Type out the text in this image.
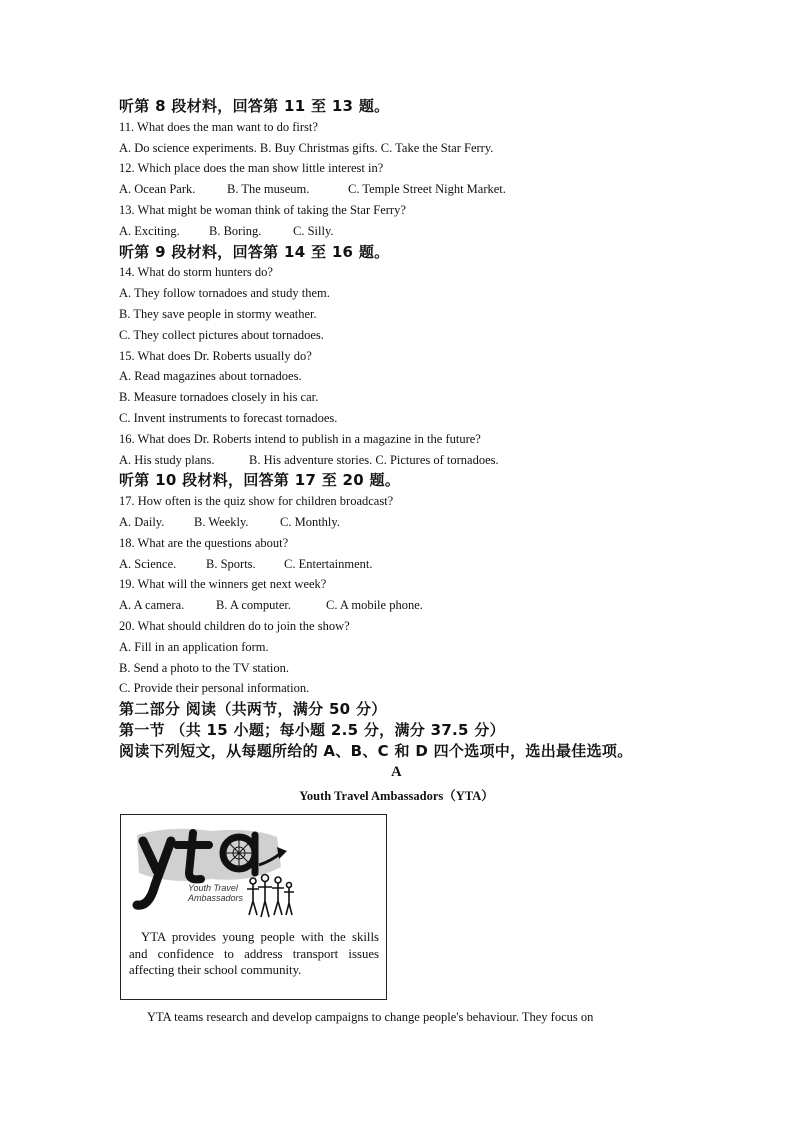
听第 8 段材料，回答第 11 至 13 题。
11. What does the man want to do first?
A. Do science experiments. B. Buy Christmas gifts. C. Take the Star Ferry.
12. Which place does the man show little interest in?
A. Ocean Park.	B. The museum.	C. Temple Street Night Market.
13. What might be woman think of taking the Star Ferry?
A. Exciting. B. Boring.	C. Silly.
听第 9 段材料，回答第 14 至 16 题。
14. What do storm hunters do?
A. They follow tornadoes and study them.
B. They save people in stormy weather.
C. They collect pictures about tornadoes.
15. What does Dr. Roberts usually do?
A. Read magazines about tornadoes.
B. Measure tornadoes closely in his car.
C. Invent instruments to forecast tornadoes.
16. What does Dr. Roberts intend to publish in a magazine in the future?
A. His study plans.	B. His adventure stories. C. Pictures of tornadoes.
听第 10 段材料，回答第 17 至 20 题。
17. How often is the quiz show for children broadcast?
A. Daily. B. Weekly.	C. Monthly.
18. What are the questions about?
A. Science. B. Sports. C. Entertainment.
19. What will the winners get next week?
A. A camera.	B. A computer.	C. A mobile phone.
20. What should children do to join the show?
A. Fill in an application form.
B. Send a photo to the TV station.
C. Provide their personal information.
第二部分 阅读（共两节，满分 50 分）
第一节 （共 15 小题；每小题 2.5 分，满分 37.5 分）
阅读下列短文，从每题所给的 A、B、C 和 D 四个选项中，选出最佳选项。
A
Youth Travel Ambassadors（YTA）
Youth Travel
Ambassadors
YTA provides young people with the skills and confidence to address transport issues affecting their school community.
YTA teams research and develop campaigns to change people's behaviour. They focus on
